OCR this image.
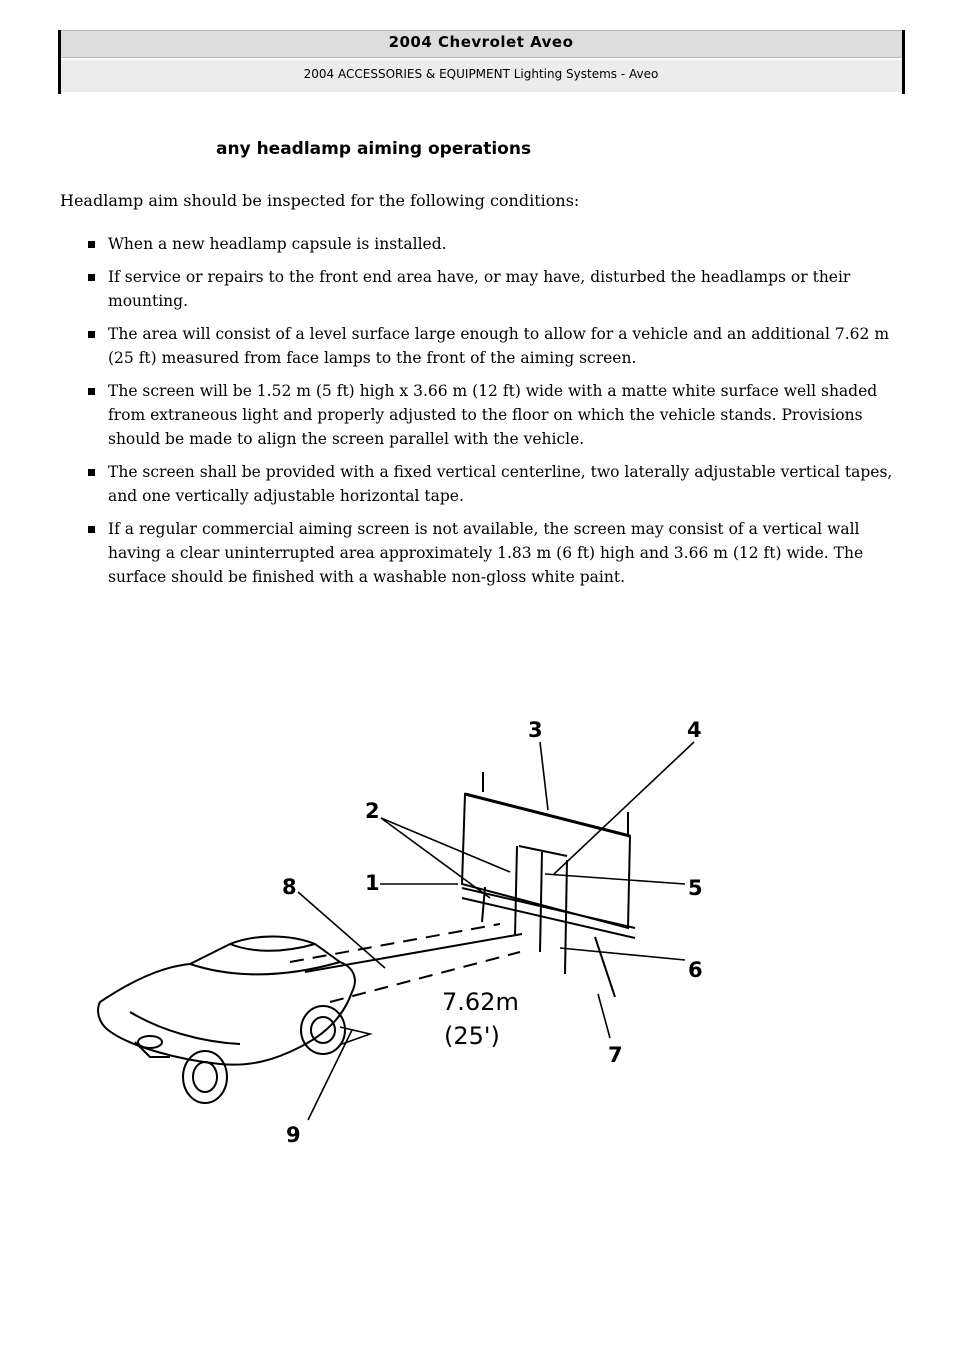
2004 Chevrolet Aveo
2004 ACCESSORIES & EQUIPMENT Lighting Systems - Aveo
any headlamp aiming operations
Headlamp aim should be inspected for the following conditions:
When a new headlamp capsule is installed.
If service or repairs to the front end area have, or may have, disturbed the headlamps or their mounting.
The area will consist of a level surface large enough to allow for a vehicle and an additional 7.62 m (25 ft) measured from face lamps to the front of the aiming screen.
The screen will be 1.52 m (5 ft) high x 3.66 m (12 ft) wide with a matte white surface well shaded from extraneous light and properly adjusted to the floor on which the vehicle stands. Provisions should be made to align the screen parallel with the vehicle.
The screen shall be provided with a fixed vertical centerline, two laterally adjustable vertical tapes, and one vertically adjustable horizontal tape.
If a regular commercial aiming screen is not available, the screen may consist of a vertical wall having a clear uninterrupted area approximately 1.83 m (6 ft) high and 3.66 m (12 ft) wide. The surface should be finished with a washable non-gloss white paint.
1
2
3	4
5
6
7
8
9
7.62m
(25')
